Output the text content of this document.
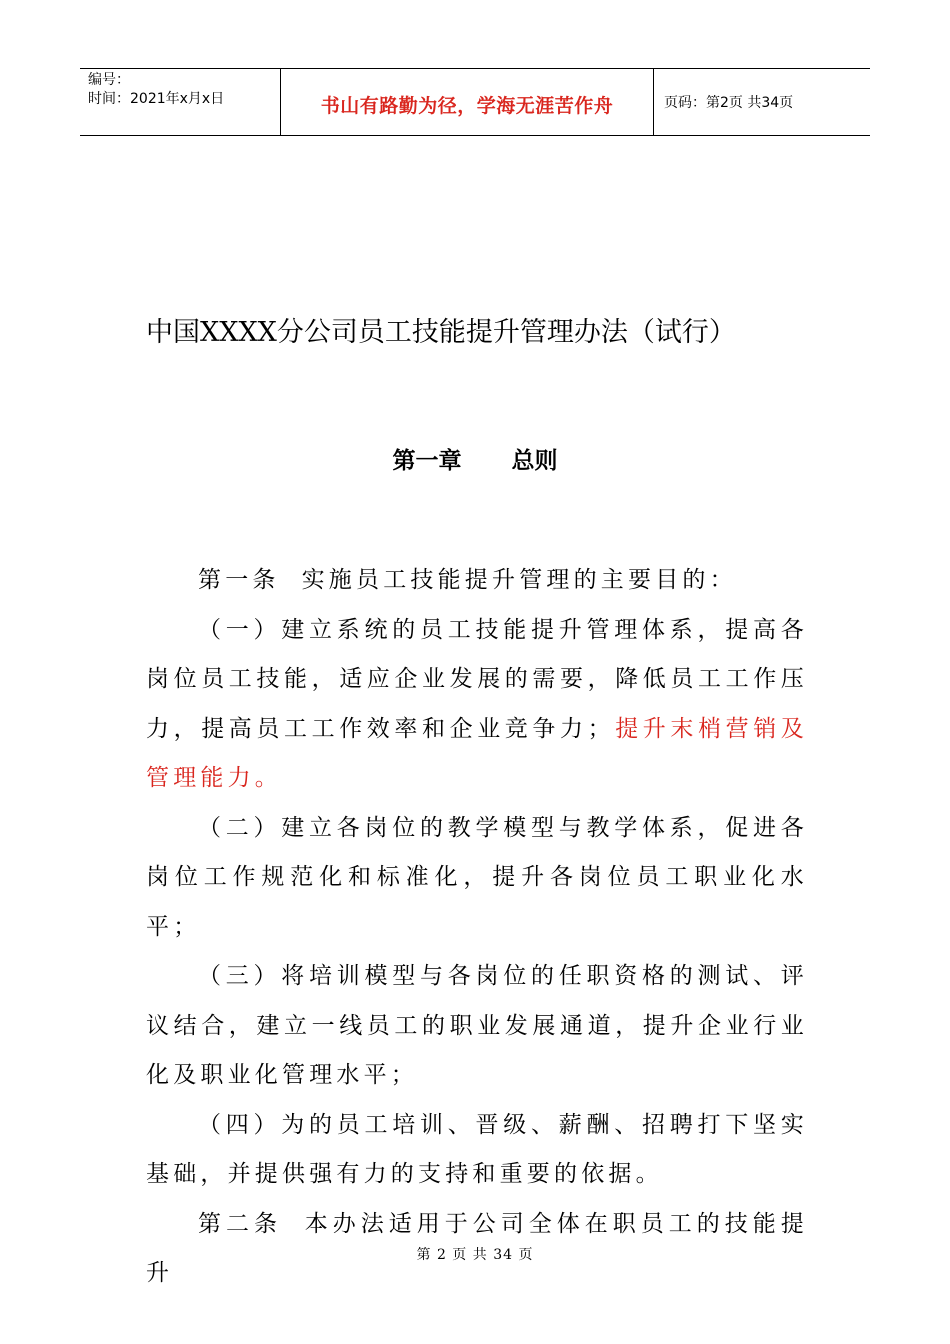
编号：
时间：2021年x月x日	书山有路勤为径，学海无涯苦作舟	页码：第2页 共34页
中国XXXX分公司员工技能提升管理办法（试行）
第一章 总则

第一条 实施员工技能提升管理的主要目的：

（一）建立系统的员工技能提升管理体系，提高各岗位员工技能，适应企业发展的需要，降低员工工作压力，提高员工工作效率和企业竞争力；提升末梢营销及管理能力。

（二）建立各岗位的教学模型与教学体系，促进各岗位工作规范化和标准化，提升各岗位员工职业化水平；

（三）将培训模型与各岗位的任职资格的测试、评议结合，建立一线员工的职业发展通道，提升企业行业化及职业化管理水平；

（四）为的员工培训、晋级、薪酬、招聘打下坚实基础，并提供强有力的支持和重要的依据。

第二条 本办法适用于公司全体在职员工的技能提升

第 2 页 共 34 页
